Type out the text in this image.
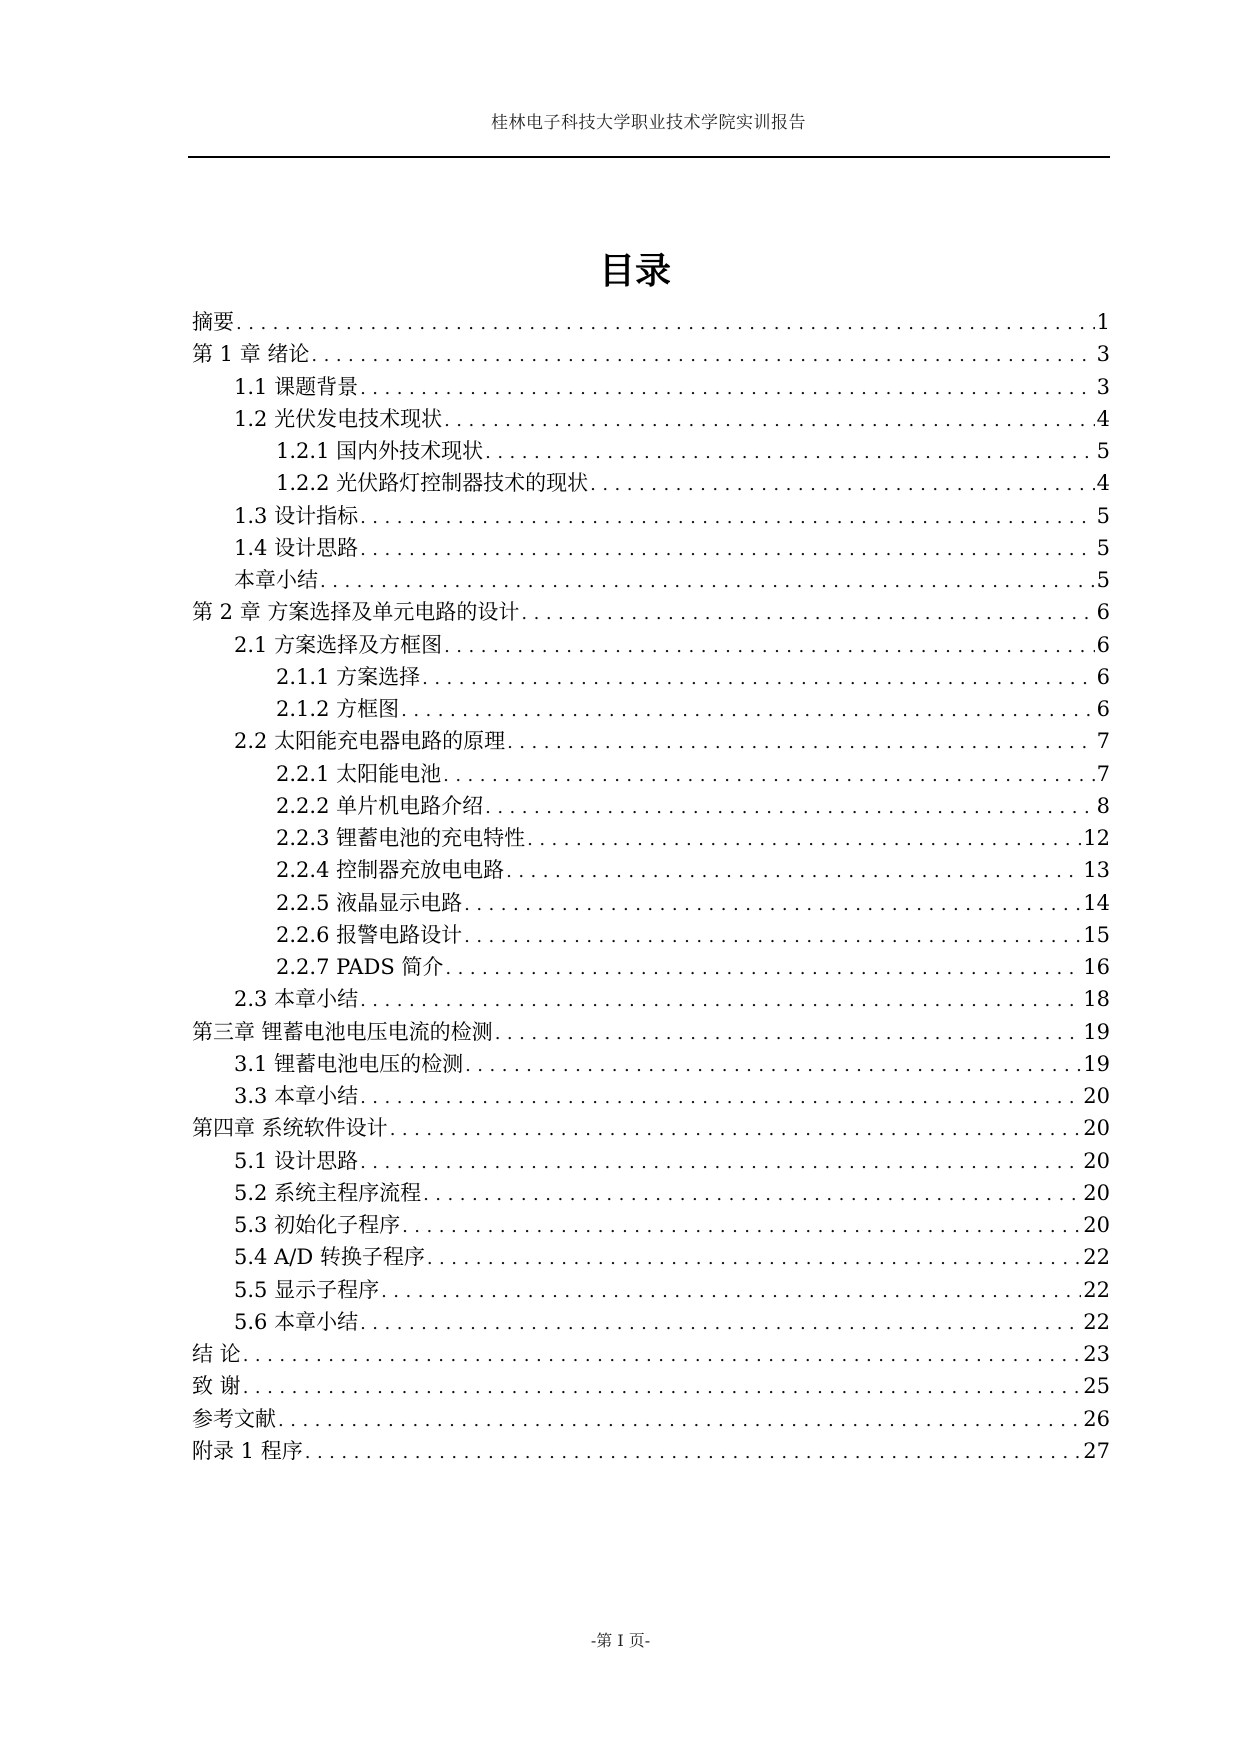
桂林电子科技大学职业技术学院实训报告
目录
摘要 .....	1
第 1 章 绪论 .....	3
1.1 课题背景 .....	3
1.2 光伏发电技术现状 .....	4
1.2.1 国内外技术现状 .....	5
1.2.2 光伏路灯控制器技术的现状 .....	4
1.3 设计指标 .....	5
1.4 设计思路 .....	5
本章小结 .....	5
第 2 章 方案选择及单元电路的设计 .....	6
2.1 方案选择及方框图 .....	6
2.1.1 方案选择 .....	6
2.1.2 方框图 .....	6
2.2 太阳能充电器电路的原理 .....	7
2.2.1 太阳能电池 .....	7
2.2.2 单片机电路介绍 .....	8
2.2.3 锂蓄电池的充电特性 .....	12
2.2.4 控制器充放电电路 .....	13
2.2.5 液晶显示电路 .....	14
2.2.6 报警电路设计 .....	15
2.2.7 PADS 简介 .....	16
2.3 本章小结 .....	18
第三章 锂蓄电池电压电流的检测 .....	19
3.1 锂蓄电池电压的检测 .....	19
3.3 本章小结 .....	20
第四章 系统软件设计 .....	20
5.1 设计思路 .....	20
5.2 系统主程序流程 .....	20
5.3 初始化子程序 .....	20
5.4 A/D 转换子程序 .....	22
5.5 显示子程序 .....	22
5.6 本章小结 .....	22
结 论 .....	23
致 谢 .....	25
参考文献 .....	26
附录 1 程序 .....	27
-第 I 页-
